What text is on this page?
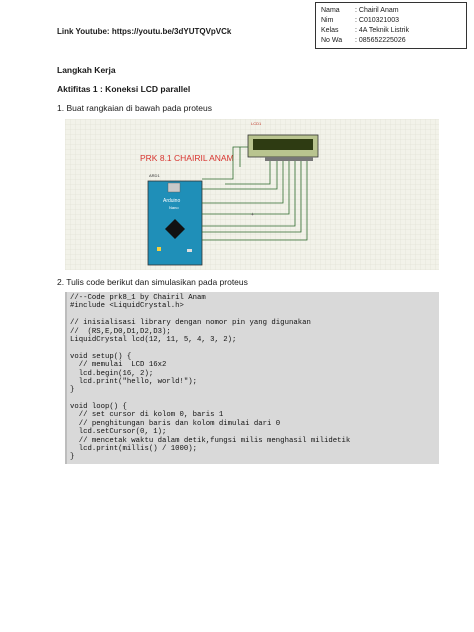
Nama	: Chairil Anam
Nim	: C010321003
Kelas	: 4A Teknik Listrik
No Wa	: 085652225026
Link Youtube: https://youtu.be/3dYUTQVpVCk
Langkah Kerja
Aktifitas 1 : Koneksi LCD parallel
1. Buat rangkaian di bawah pada proteus
PRK 8.1 CHAIRIL ANAM
LCD1
ARD1
Arduino
Nano
+
2. Tulis code berikut dan simulasikan pada proteus
//--Code prk8_1 by Chairil Anam
#include <LiquidCrystal.h>
// inisialisasi library dengan nomor pin yang digunakan
//  (RS,E,D0,D1,D2,D3);
LiquidCrystal lcd(12, 11, 5, 4, 3, 2);
void setup() {
// memulai  LCD 16x2
lcd.begin(16, 2);
lcd.print("hello, world!");
}
void loop() {
// set cursor di kolom 0, baris 1
// penghitungan baris dan kolom dimulai dari 0
lcd.setCursor(0, 1);
// mencetak waktu dalam detik,fungsi milis menghasil milidetik
lcd.print(millis() / 1000);
}
